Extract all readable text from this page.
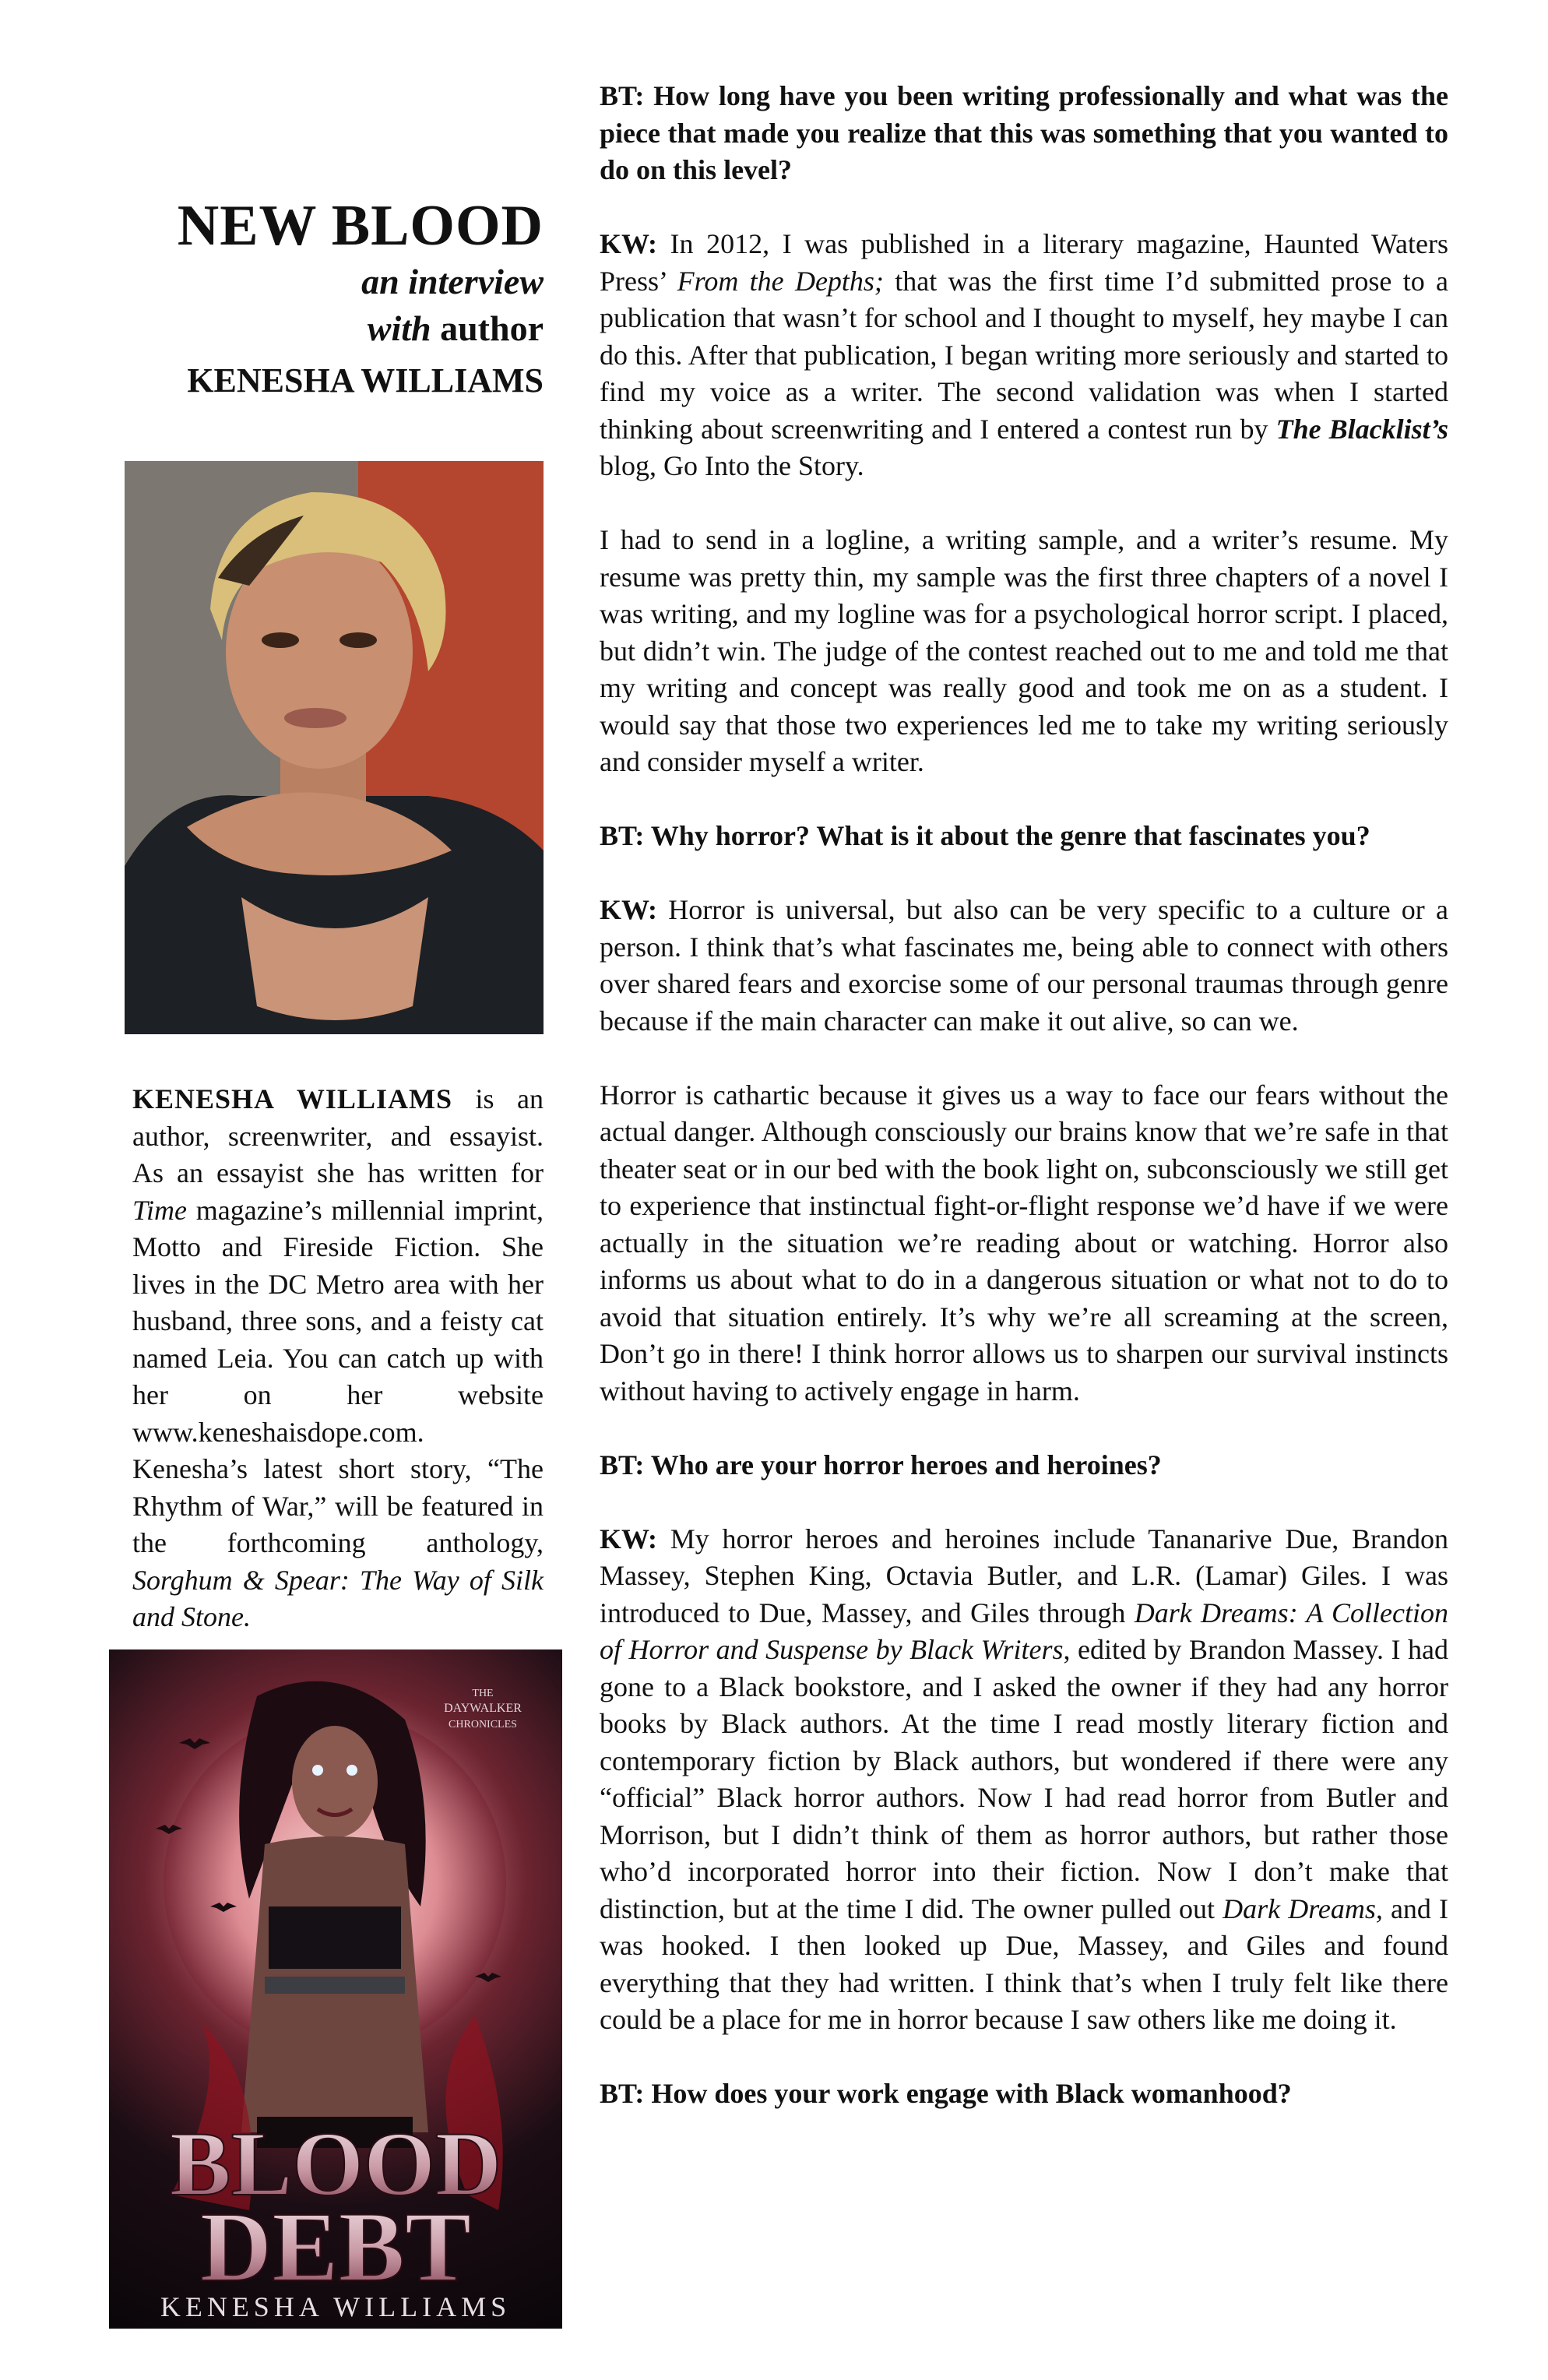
NEW BLOOD
an interview
with author
KENESHA WILLIAMS
KENESHA WILLIAMS is an author, screenwriter, and essayist. As an essayist she has written for Time magazine’s millennial imprint, Motto and Fireside Fiction. She lives in the DC Metro area with her husband, three sons, and a feisty cat named Leia. You can catch up with her on her website www.keneshaisdope.com. Kenesha’s latest short story, “The Rhythm of War,” will be featured in the forthcoming anthology, Sorghum & Spear: The Way of Silk and Stone.
THE
DAYWALKER
CHRONICLES
BLOOD
DEBT
KENESHA WILLIAMS

BT: How long have you been writing professionally and what was the piece that made you realize that this was something that you wanted to do on this level?

KW: In 2012, I was published in a literary magazine, Haunted Waters Press’ From the Depths; that was the first time I’d submitted prose to a publication that wasn’t for school and I thought to myself, hey maybe I can do this. After that publication, I began writing more seriously and started to find my voice as a writer. The second validation was when I started thinking about screenwriting and I entered a contest run by The Blacklist’s blog, Go Into the Story.

I had to send in a logline, a writing sample, and a writer’s resume. My resume was pretty thin, my sample was the first three chapters of a novel I was writing, and my logline was for a psychological horror script. I placed, but didn’t win. The judge of the contest reached out to me and told me that my writing and concept was really good and took me on as a student. I would say that those two experiences led me to take my writing seriously and consider myself a writer.

BT: Why horror? What is it about the genre that fascinates you?

KW: Horror is universal, but also can be very specific to a culture or a person. I think that’s what fascinates me, being able to connect with others over shared fears and exorcise some of our personal traumas through genre because if the main character can make it out alive, so can we.

Horror is cathartic because it gives us a way to face our fears without the actual danger. Although consciously our brains know that we’re safe in that theater seat or in our bed with the book light on, subconsciously we still get to experience that instinctual fight-or-flight response we’d have if we were actually in the situation we’re reading about or watching. Horror also informs us about what to do in a dangerous situation or what not to do to avoid that situation entirely. It’s why we’re all screaming at the screen, Don’t go in there! I think horror allows us to sharpen our survival instincts without having to actively engage in harm.

BT: Who are your horror heroes and heroines?

KW: My horror heroes and heroines include Tananarive Due, Brandon Massey, Stephen King, Octavia Butler, and L.R. (Lamar) Giles. I was introduced to Due, Massey, and Giles through Dark Dreams: A Collection of Horror and Suspense by Black Writers, edited by Brandon Massey. I had gone to a Black bookstore, and I asked the owner if they had any horror books by Black authors. At the time I read mostly literary fiction and contemporary fiction by Black authors, but wondered if there were any “official” Black horror authors. Now I had read horror from Butler and Morrison, but I didn’t think of them as horror authors, but rather those who’d incorporated horror into their fiction. Now I don’t make that distinction, but at the time I did. The owner pulled out Dark Dreams, and I was hooked. I then looked up Due, Massey, and Giles and found everything that they had written. I think that’s when I truly felt like there could be a place for me in horror because I saw others like me doing it.

BT: How does your work engage with Black womanhood?
